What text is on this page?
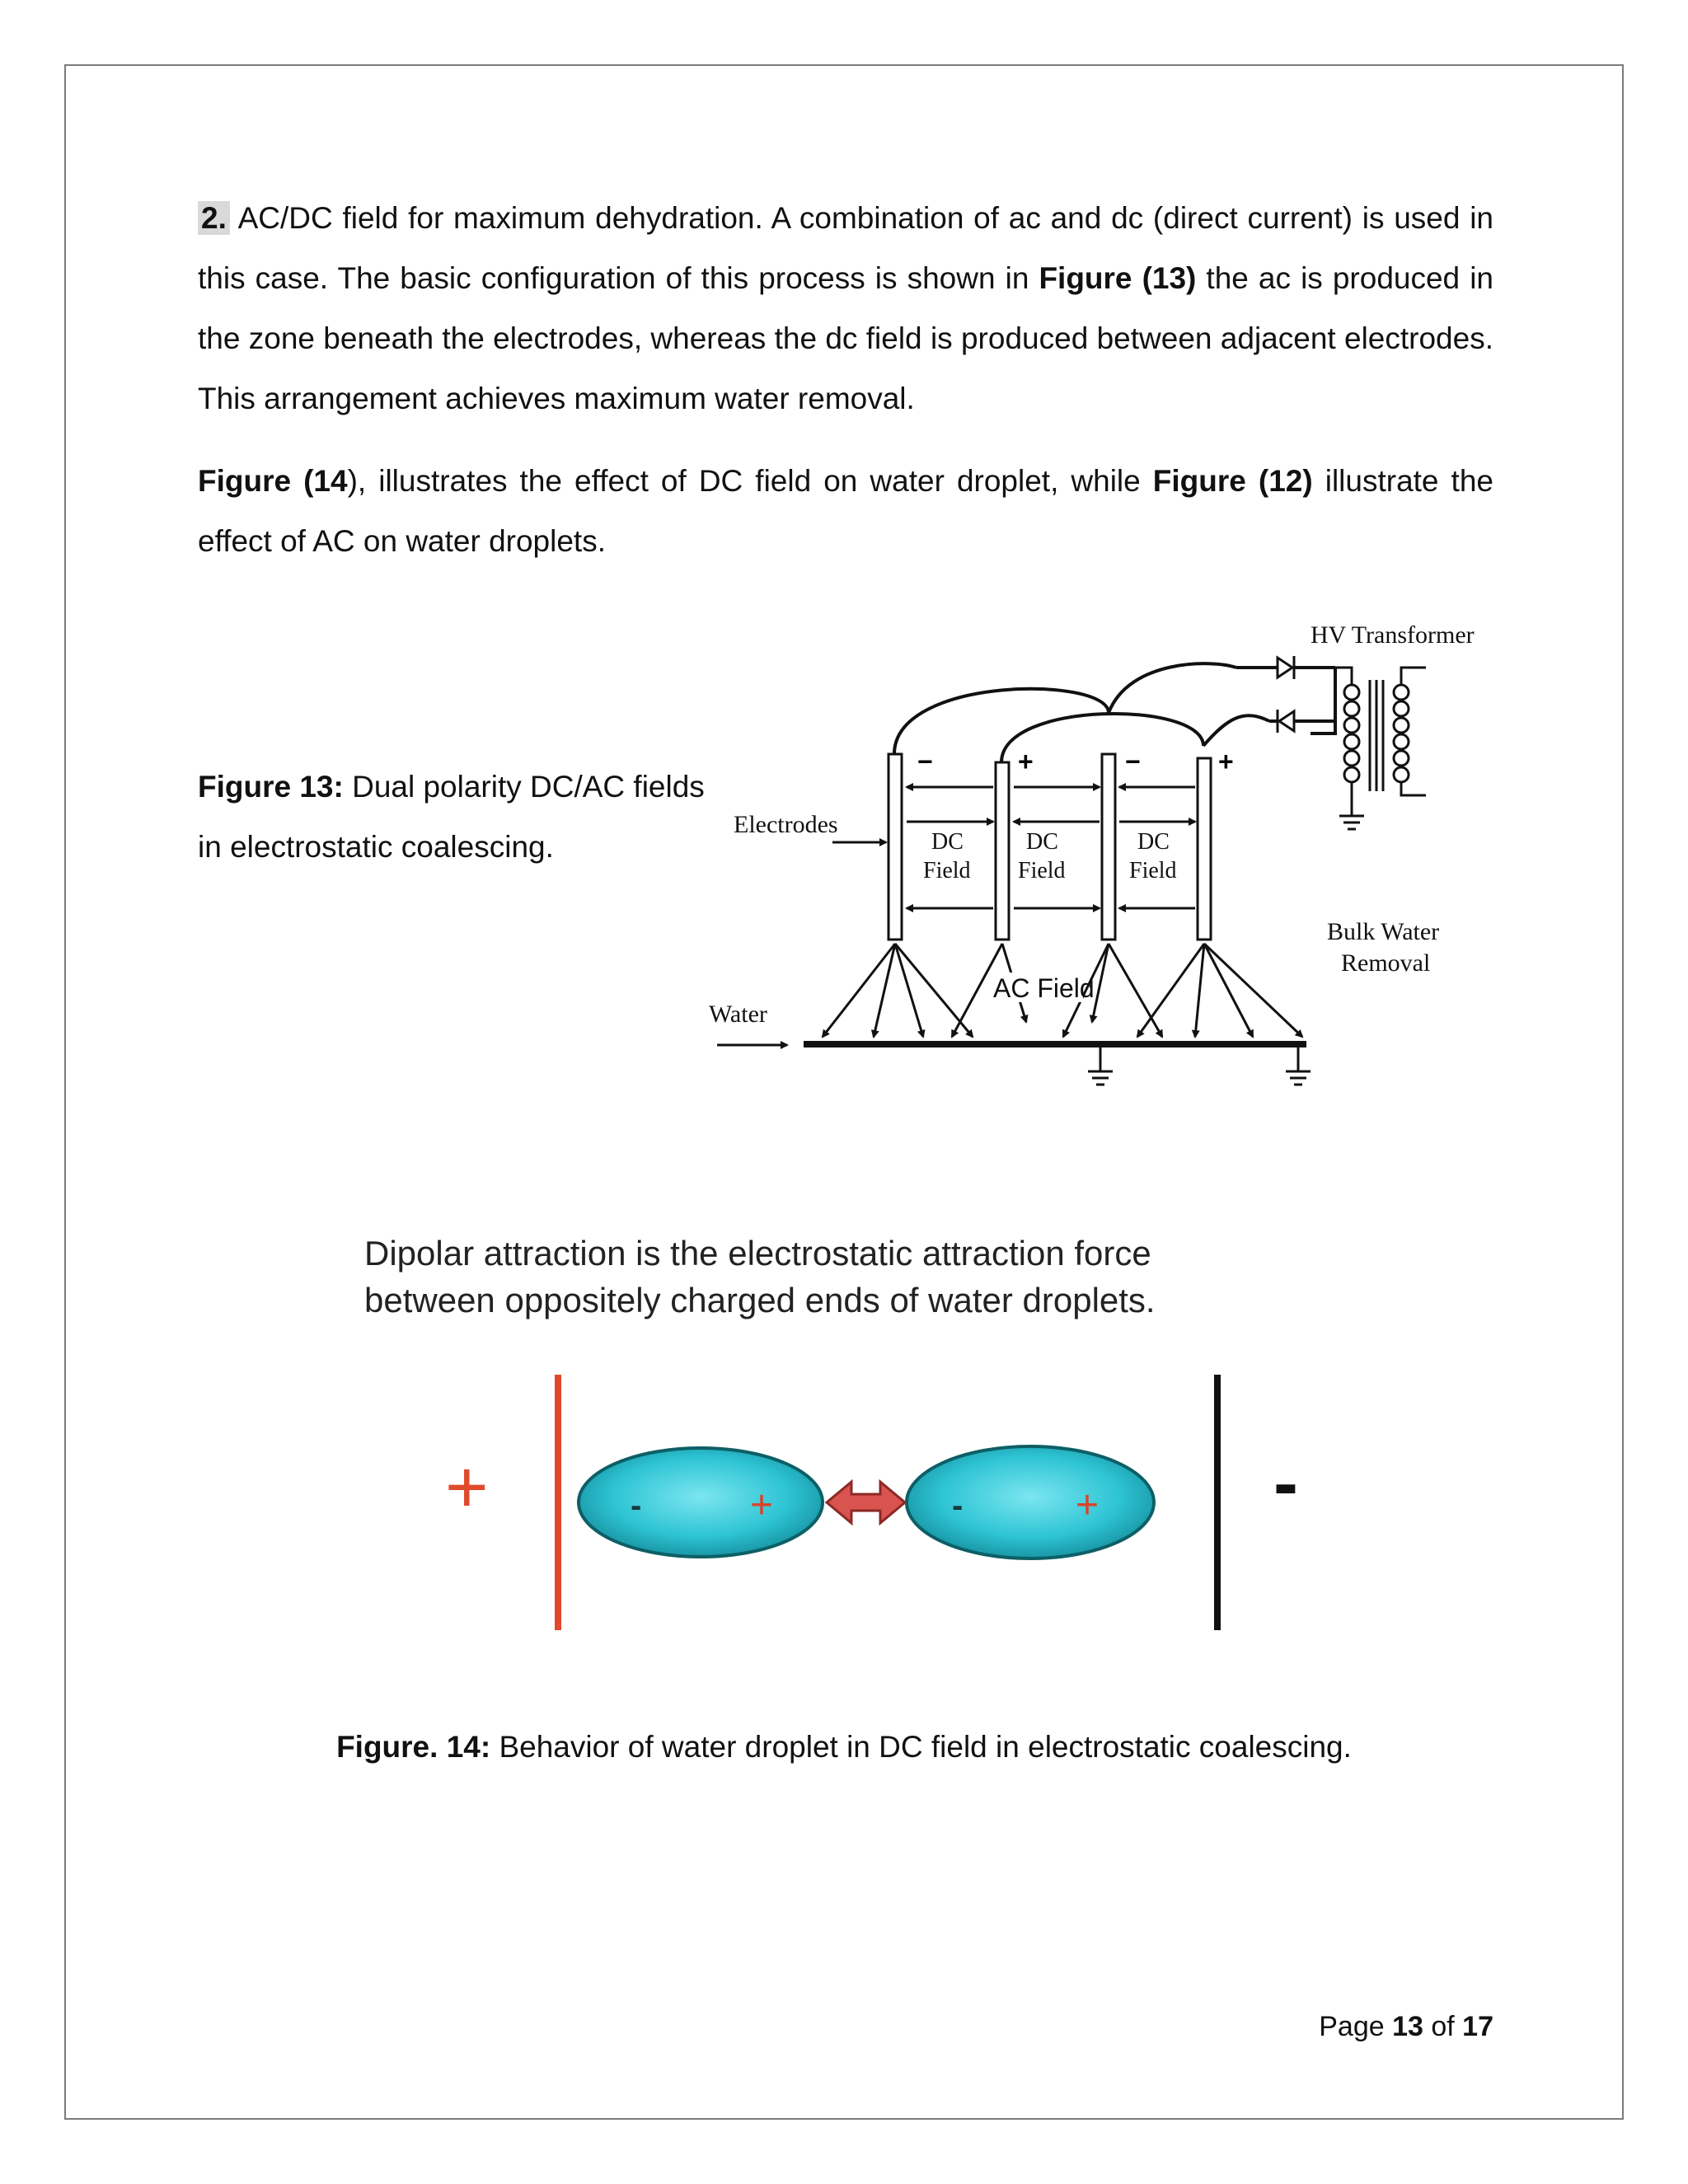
2. AC/DC field for maximum dehydration. A combination of ac and dc (direct current) is used in this case. The basic configuration of this process is shown in Figure (13) the ac is produced in the zone beneath the electrodes, whereas the dc field is produced between adjacent electrodes. This arrangement achieves maximum water removal.

Figure (14), illustrates the effect of DC field on water droplet, while Figure (12) illustrate the effect of AC on water droplets.

Figure 13: Dual polarity DC/AC fields in electrostatic coalescing.

−	+	−	+
DC
Field
DC
Field
DC
Field
Electrodes
AC Field
HV Transformer
Bulk Water
Removal
Water
Dipolar attraction is the electrostatic attraction force
between oppositely charged ends of water droplets.
+	-
-	+	-	+

Figure. 14: Behavior of water droplet in DC field in electrostatic coalescing.

Page 13 of 17
